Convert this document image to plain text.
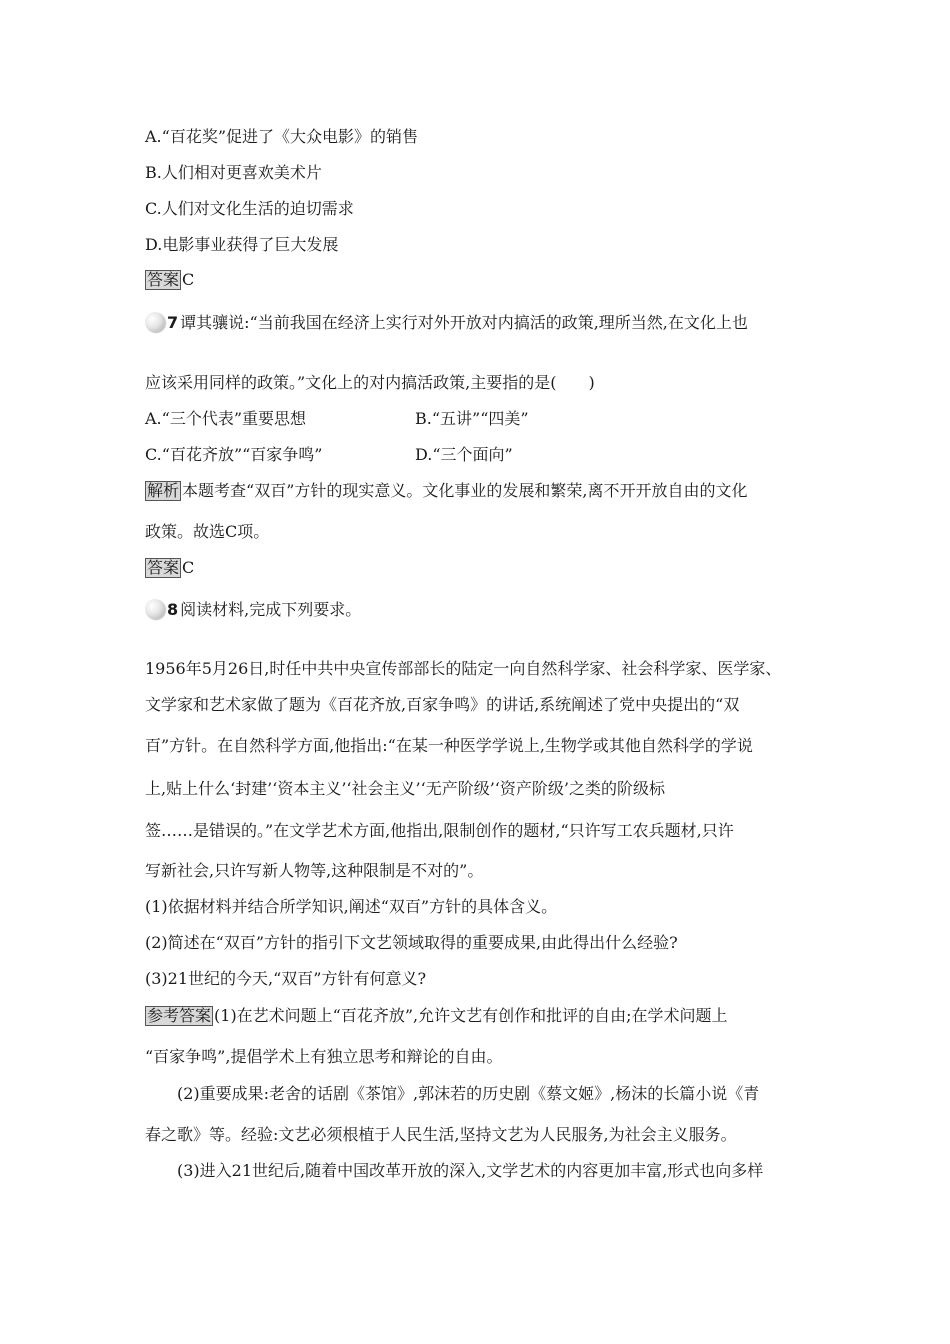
A.“百花奖”促进了《大众电影》的销售
B.人们相对更喜欢美术片
C.人们对文化生活的迫切需求
D.电影事业获得了巨大发展
答案 C
7 谭其骧说:“当前我国在经济上实行对外开放对内搞活的政策,理所当然,在文化上也
应该采用同样的政策。”文化上的对内搞活政策,主要指的是(　　)
A.“三个代表”重要思想	B.“五讲”“四美”
C.“百花齐放”“百家争鸣”	D.“三个面向”
解析 本题考查“双百”方针的现实意义。文化事业的发展和繁荣,离不开开放自由的文化
政策。故选C项。
答案 C
8 阅读材料,完成下列要求。
1956年5月26日,时任中共中央宣传部部长的陆定一向自然科学家、社会科学家、医学家、
文学家和艺术家做了题为《百花齐放,百家争鸣》的讲话,系统阐述了党中央提出的“双
百”方针。在自然科学方面,他指出:“在某一种医学学说上,生物学或其他自然科学的学说
上,贴上什么‘封建’‘资本主义’‘社会主义’‘无产阶级’‘资产阶级’之类的阶级标
签……是错误的。”在文学艺术方面,他指出,限制创作的题材,“只许写工农兵题材,只许
写新社会,只许写新人物等,这种限制是不对的”。
(1)依据材料并结合所学知识,阐述“双百”方针的具体含义。
(2)简述在“双百”方针的指引下文艺领域取得的重要成果,由此得出什么经验?
(3)21世纪的今天,“双百”方针有何意义?
参考答案 (1)在艺术问题上“百花齐放”,允许文艺有创作和批评的自由;在学术问题上
“百家争鸣”,提倡学术上有独立思考和辩论的自由。
(2)重要成果:老舍的话剧《茶馆》,郭沫若的历史剧《蔡文姬》,杨沫的长篇小说《青
春之歌》等。经验:文艺必须根植于人民生活,坚持文艺为人民服务,为社会主义服务。
(3)进入21世纪后,随着中国改革开放的深入,文学艺术的内容更加丰富,形式也向多样
